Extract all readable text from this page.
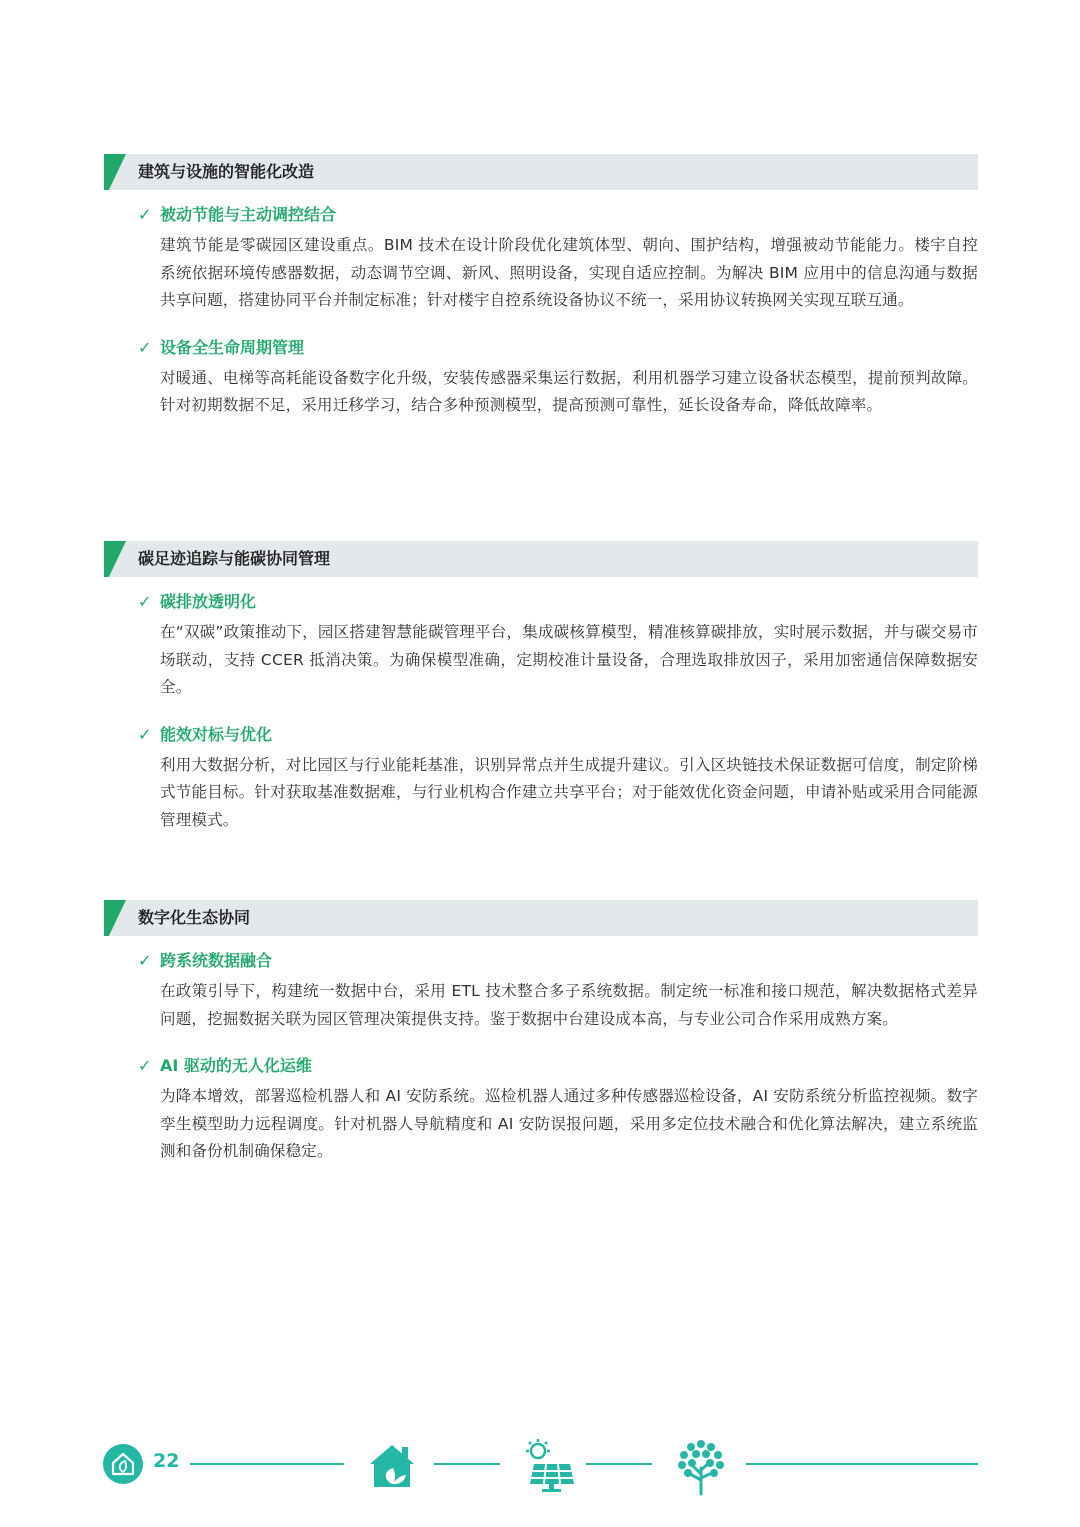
建筑与设施的智能化改造
✓ 被动节能与主动调控结合
建筑节能是零碳园区建设重点。BIM 技术在设计阶段优化建筑体型、朝向、围护结构，增强被动节能能力。楼宇自控系统依据环境传感器数据，动态调节空调、新风、照明设备，实现自适应控制。为解决 BIM 应用中的信息沟通与数据共享问题，搭建协同平台并制定标准；针对楼宇自控系统设备协议不统一，采用协议转换网关实现互联互通。
✓ 设备全生命周期管理
对暖通、电梯等高耗能设备数字化升级，安装传感器采集运行数据，利用机器学习建立设备状态模型，提前预判故障。针对初期数据不足，采用迁移学习，结合多种预测模型，提高预测可靠性，延长设备寿命，降低故障率。
碳足迹追踪与能碳协同管理
✓ 碳排放透明化
在“双碳”政策推动下，园区搭建智慧能碳管理平台，集成碳核算模型，精准核算碳排放，实时展示数据，并与碳交易市场联动，支持 CCER 抵消决策。为确保模型准确，定期校准计量设备，合理选取排放因子，采用加密通信保障数据安全。
✓ 能效对标与优化
利用大数据分析，对比园区与行业能耗基准，识别异常点并生成提升建议。引入区块链技术保证数据可信度，制定阶梯式节能目标。针对获取基准数据难，与行业机构合作建立共享平台；对于能效优化资金问题，申请补贴或采用合同能源管理模式。
数字化生态协同
✓ 跨系统数据融合
在政策引导下，构建统一数据中台，采用 ETL 技术整合多子系统数据。制定统一标准和接口规范，解决数据格式差异问题，挖掘数据关联为园区管理决策提供支持。鉴于数据中台建设成本高，与专业公司合作采用成熟方案。
✓ AI 驱动的无人化运维
为降本增效，部署巡检机器人和 AI 安防系统。巡检机器人通过多种传感器巡检设备，AI 安防系统分析监控视频。数字孪生模型助力远程调度。针对机器人导航精度和 AI 安防误报问题，采用多定位技术融合和优化算法解决，建立系统监测和备份机制确保稳定。
22
